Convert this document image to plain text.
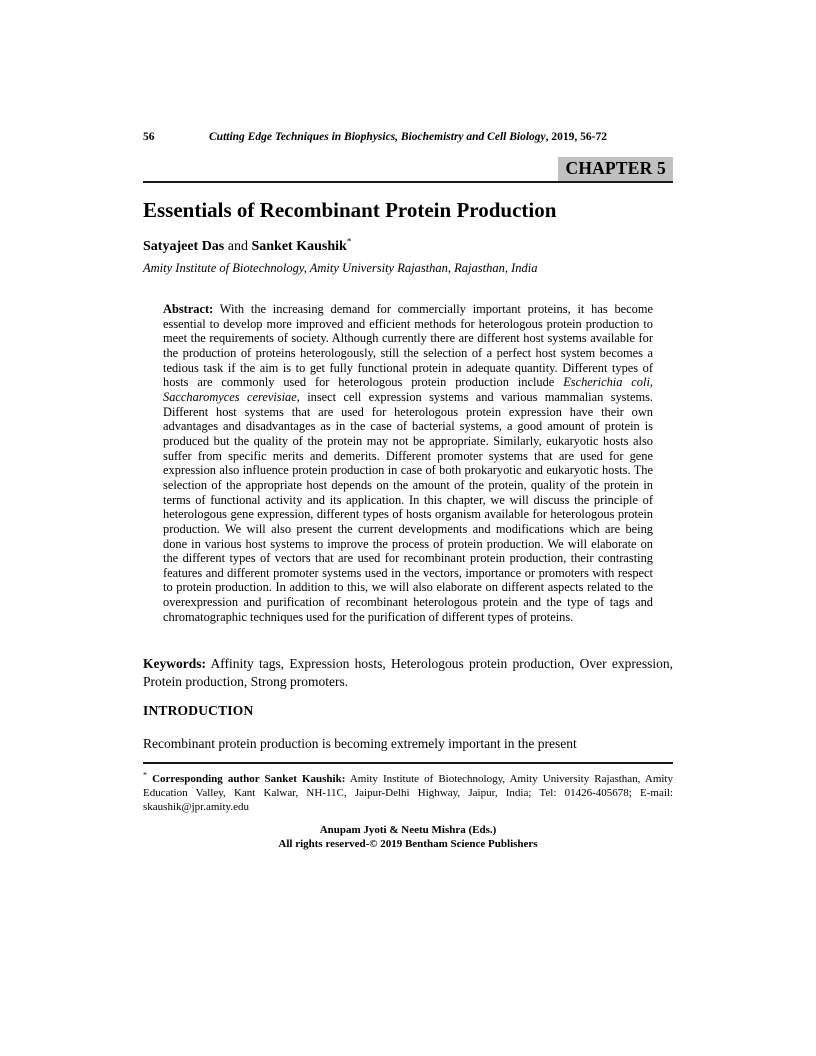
56	Cutting Edge Techniques in Biophysics, Biochemistry and Cell Biology, 2019, 56-72
CHAPTER 5
Essentials of Recombinant Protein Production

Satyajeet Das and Sanket Kaushik*

Amity Institute of Biotechnology, Amity University Rajasthan, Rajasthan, India

Abstract: With the increasing demand for commercially important proteins, it has become essential to develop more improved and efficient methods for heterologous protein production to meet the requirements of society. Although currently there are different host systems available for the production of proteins heterologously, still the selection of a perfect host system becomes a tedious task if the aim is to get fully functional protein in adequate quantity. Different types of hosts are commonly used for heterologous protein production include Escherichia coli, Saccharomyces cerevisiae, insect cell expression systems and various mammalian systems. Different host systems that are used for heterologous protein expression have their own advantages and disadvantages as in the case of bacterial systems, a good amount of protein is produced but the quality of the protein may not be appropriate. Similarly, eukaryotic hosts also suffer from specific merits and demerits. Different promoter systems that are used for gene expression also influence protein production in case of both prokaryotic and eukaryotic hosts. The selection of the appropriate host depends on the amount of the protein, quality of the protein in terms of functional activity and its application. In this chapter, we will discuss the principle of heterologous gene expression, different types of hosts organism available for heterologous protein production. We will also present the current developments and modifications which are being done in various host systems to improve the process of protein production. We will elaborate on the different types of vectors that are used for recombinant protein production, their contrasting features and different promoter systems used in the vectors, importance or promoters with respect to protein production. In addition to this, we will also elaborate on different aspects related to the overexpression and purification of recombinant heterologous protein and the type of tags and chromatographic techniques used for the purification of different types of proteins.

Keywords: Affinity tags, Expression hosts, Heterologous protein production, Over expression, Protein production, Strong promoters.

INTRODUCTION

Recombinant protein production is becoming extremely important in the present

* Corresponding author Sanket Kaushik: Amity Institute of Biotechnology, Amity University Rajasthan, Amity Education Valley, Kant Kalwar, NH-11C, Jaipur-Delhi Highway, Jaipur, India; Tel: 01426-405678; E-mail: skaushik@jpr.amity.edu
Anupam Jyoti & Neetu Mishra (Eds.)
All rights reserved-© 2019 Bentham Science Publishers
